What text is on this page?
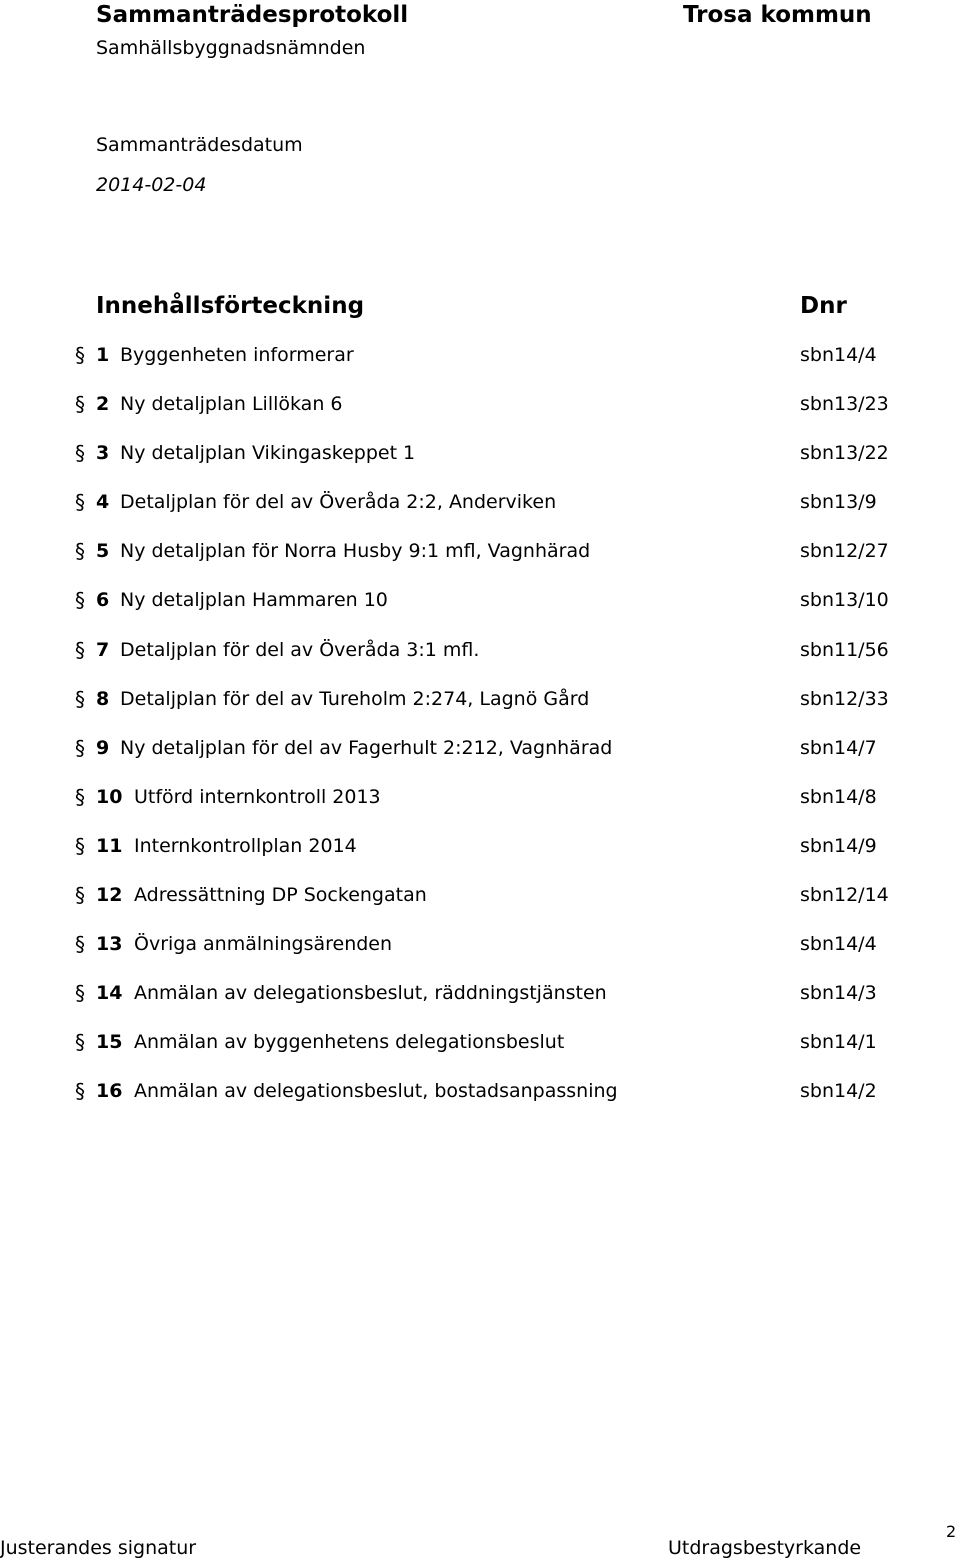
Sammanträdesprotokoll	Trosa kommun
Samhällsbyggnadsnämnden
Sammanträdesdatum
2014-02-04
Innehållsförteckning	Dnr
§ 1 Byggenheten informerar	sbn14/4
§ 2 Ny detaljplan Lillökan 6	sbn13/23
§ 3 Ny detaljplan Vikingaskeppet 1	sbn13/22
§ 4 Detaljplan för del av Överåda 2:2, Anderviken	sbn13/9
§ 5 Ny detaljplan för Norra Husby 9:1 mfl, Vagnhärad	sbn12/27
§ 6 Ny detaljplan Hammaren 10	sbn13/10
§ 7 Detaljplan för del av Överåda 3:1 mfl.	sbn11/56
§ 8 Detaljplan för del av Tureholm 2:274, Lagnö Gård	sbn12/33
§ 9 Ny detaljplan för del av Fagerhult 2:212, Vagnhärad	sbn14/7
§ 10 Utförd internkontroll 2013	sbn14/8
§ 11 Internkontrollplan 2014	sbn14/9
§ 12 Adressättning DP Sockengatan	sbn12/14
§ 13 Övriga anmälningsärenden	sbn14/4
§ 14 Anmälan av delegationsbeslut, räddningstjänsten	sbn14/3
§ 15 Anmälan av byggenhetens delegationsbeslut	sbn14/1
§ 16 Anmälan av delegationsbeslut, bostadsanpassning	sbn14/2
Justerandes signatur	Utdragsbestyrkande
2
